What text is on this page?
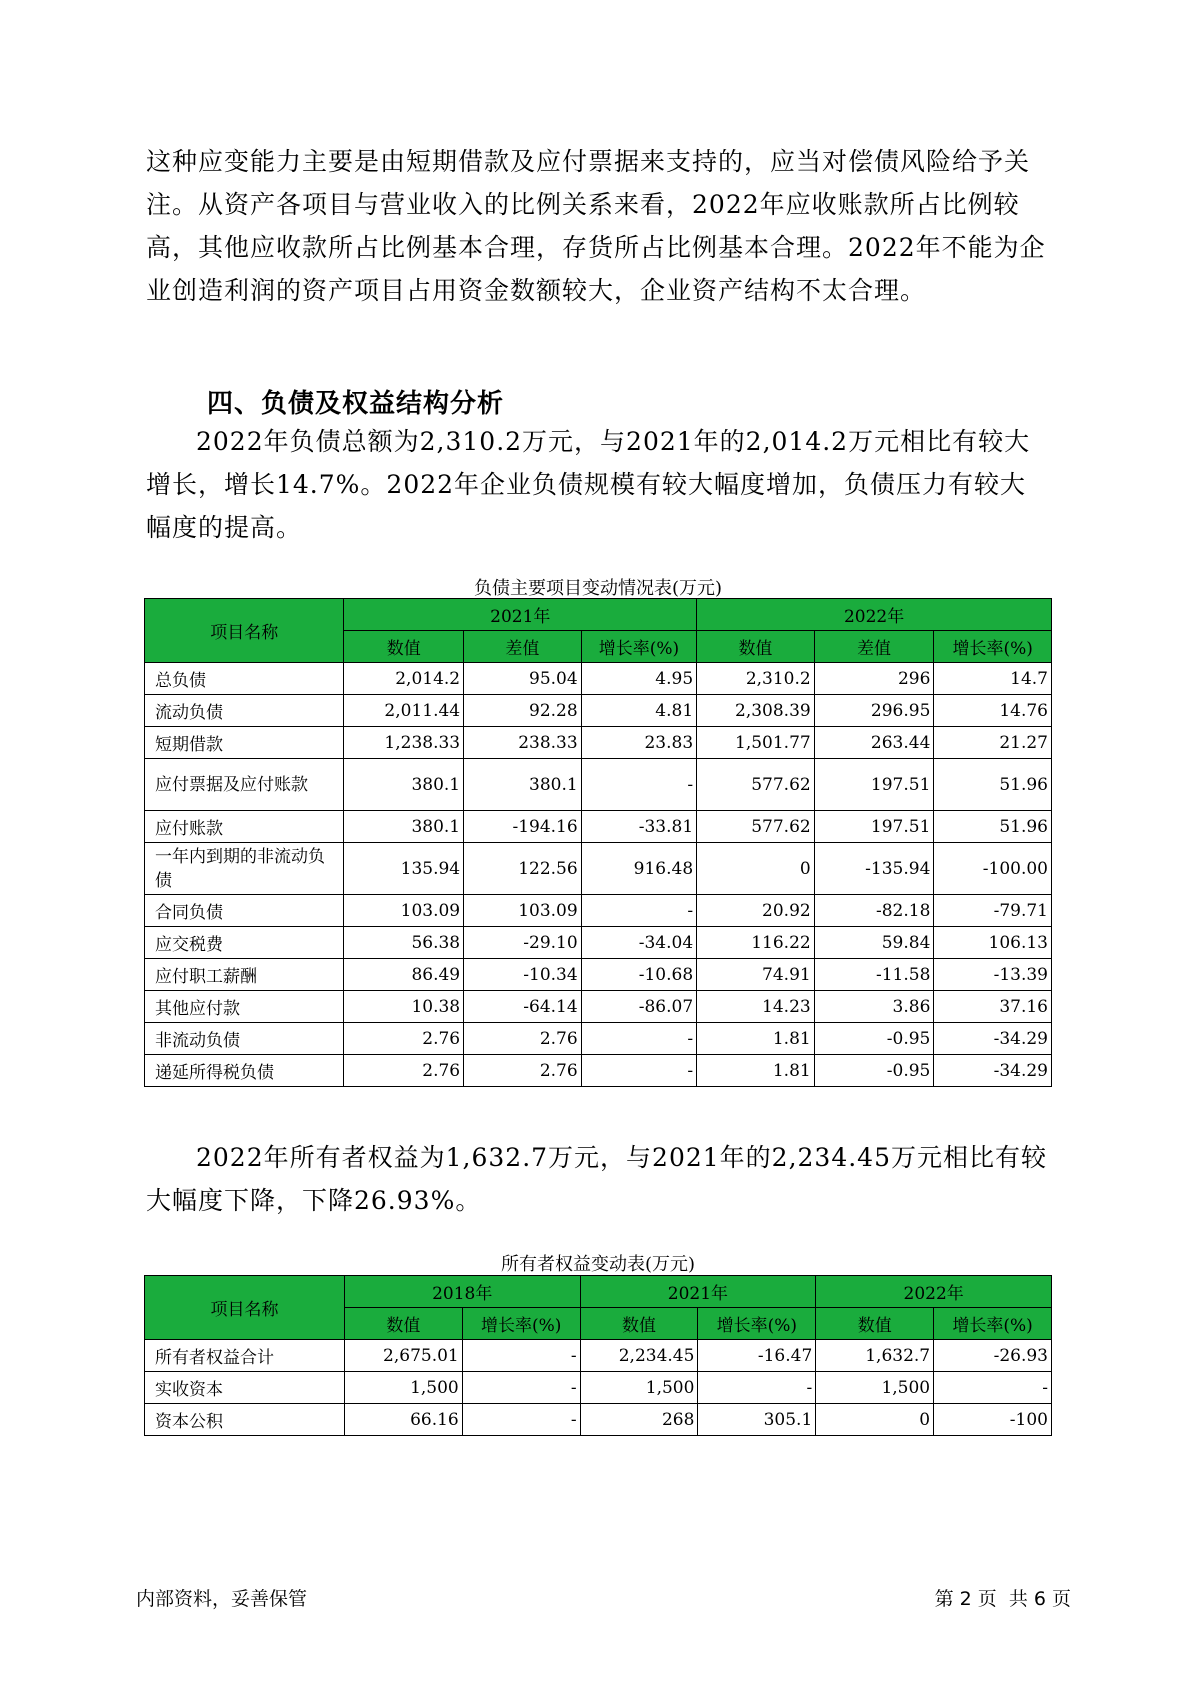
这种应变能力主要是由短期借款及应付票据来支持的，应当对偿债风险给予关注。从资产各项目与营业收入的比例关系来看，2022年应收账款所占比例较高，其他应收款所占比例基本合理，存货所占比例基本合理。2022年不能为企业创造利润的资产项目占用资金数额较大，企业资产结构不太合理。

四、负债及权益结构分析

2022年负债总额为2,310.2万元，与2021年的2,014.2万元相比有较大增长，增长14.7%。2022年企业负债规模有较大幅度增加，负债压力有较大幅度的提高。

负债主要项目变动情况表(万元)
项目名称	2021年			2022年		
	数值	差值	增长率(%)	数值	差值	增长率(%)
总负债	2,014.2	95.04	4.95	2,310.2	296	14.7
流动负债	2,011.44	92.28	4.81	2,308.39	296.95	14.76
短期借款	1,238.33	238.33	23.83	1,501.77	263.44	21.27
应付票据及应付账款	380.1	380.1	-	577.62	197.51	51.96
应付账款	380.1	-194.16	-33.81	577.62	197.51	51.96
一年内到期的非流动负债	135.94	122.56	916.48	0	-135.94	-100.00
合同负债	103.09	103.09	-	20.92	-82.18	-79.71
应交税费	56.38	-29.10	-34.04	116.22	59.84	106.13
应付职工薪酬	86.49	-10.34	-10.68	74.91	-11.58	-13.39
其他应付款	10.38	-64.14	-86.07	14.23	3.86	37.16
非流动负债	2.76	2.76	-	1.81	-0.95	-34.29
递延所得税负债	2.76	2.76	-	1.81	-0.95	-34.29

2022年所有者权益为1,632.7万元，与2021年的2,234.45万元相比有较大幅度下降，下降26.93%。

所有者权益变动表(万元)
项目名称	2018年		2021年		2022年	
	数值	增长率(%)	数值	增长率(%)	数值	增长率(%)
所有者权益合计	2,675.01	-	2,234.45	-16.47	1,632.7	-26.93
实收资本	1,500	-	1,500	-	1,500	-
资本公积	66.16	-	268	305.1	0	-100
内部资料，妥善保管	第 2 页  共 6 页
